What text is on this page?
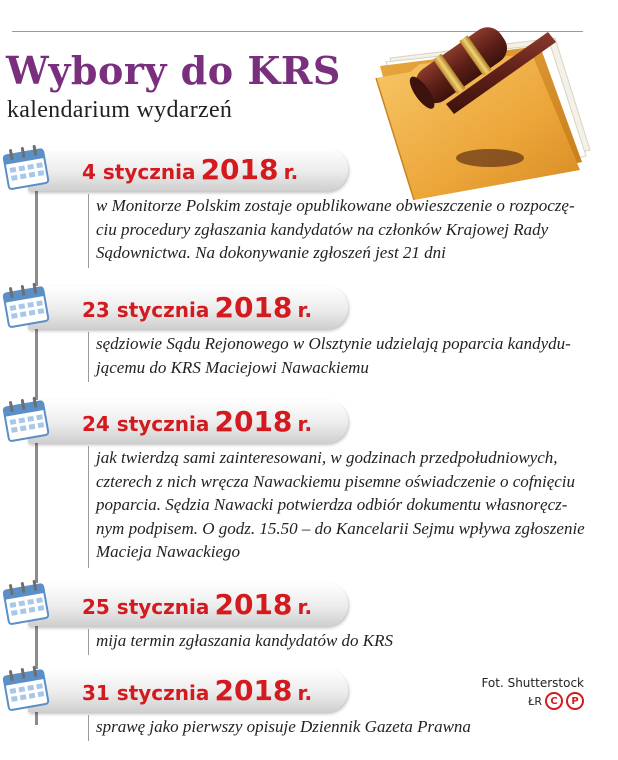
Wybory do KRS
kalendarium wydarzeń
4 stycznia 2018 r.

w Monitorze Polskim zostaje opublikowane obwieszczenie o rozpoczę-
ciu procedury zgłaszania kandydatów na członków Krajowej Rady
Sądownictwa. Na dokonywanie zgłoszeń jest 21 dni

23 stycznia 2018 r.

sędziowie Sądu Rejonowego w Olsztynie udzielają poparcia kandydu-
jącemu do KRS Maciejowi Nawackiemu

24 stycznia 2018 r.

jak twierdzą sami zainteresowani, w godzinach przedpołudniowych,
czterech z nich wręcza Nawackiemu pisemne oświadczenie o cofnięciu
poparcia. Sędzia Nawacki potwierdza odbiór dokumentu własnoręcz-
nym podpisem. O godz. 15.50 – do Kancelarii Sejmu wpływa zgłoszenie
Macieja Nawackiego

25 stycznia 2018 r.

mija termin zgłaszania kandydatów do KRS

31 stycznia 2018 r.

sprawę jako pierwszy opisuje Dziennik Gazeta Prawna

Fot. Shutterstock

ŁR C	P
